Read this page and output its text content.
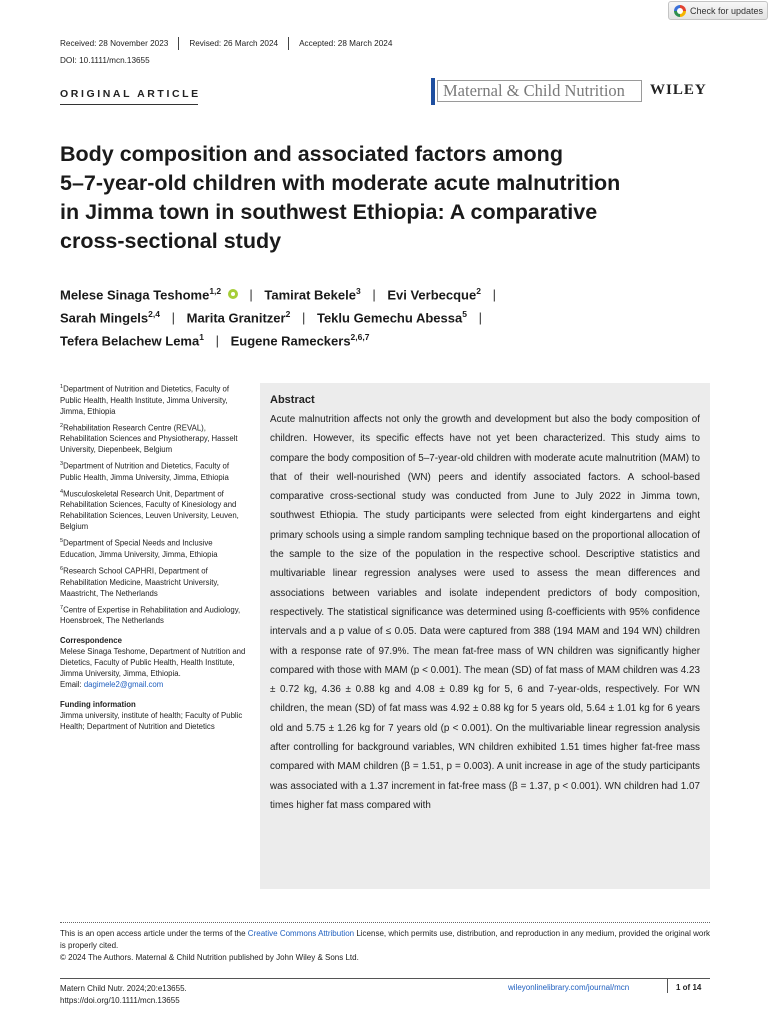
Check for updates
Received: 28 November 2023	Revised: 26 March 2024	Accepted: 28 March 2024
DOI: 10.1111/mcn.13655
ORIGINAL ARTICLE	Maternal & Child Nutrition	WILEY
Body composition and associated factors among
5–7-year-old children with moderate acute malnutrition
in Jimma town in southwest Ethiopia: A comparative
cross-sectional study
Melese Sinaga Teshome$^{1,2}$ | Tamirat Bekele$^3$ | Evi Verbecque$^2$ |
Sarah Mingels$^{2,4}$ | Marita Granitzer$^2$ | Teklu Gemechu Abessa$^5$ |
Tefera Belachew Lema$^1$ | Eugene Rameckers$^{2,6,7}$
$^1$Department of Nutrition and Dietetics, Faculty of Public Health, Health Institute, Jimma University, Jimma, Ethiopia
$^2$Rehabilitation Research Centre (REVAL), Rehabilitation Sciences and Physiotherapy, Hasselt University, Diepenbeek, Belgium
$^3$Department of Nutrition and Dietetics, Faculty of Public Health, Jimma University, Jimma, Ethiopia
$^4$Musculoskeletal Research Unit, Department of Rehabilitation Sciences, Faculty of Kinesiology and Rehabilitation Sciences, Leuven University, Leuven, Belgium
$^5$Department of Special Needs and Inclusive Education, Jimma University, Jimma, Ethiopia
$^6$Research School CAPHRI, Department of Rehabilitation Medicine, Maastricht University, Maastricht, The Netherlands
$^7$Centre of Expertise in Rehabilitation and Audiology, Hoensbroek, The Netherlands
Correspondence
Melese Sinaga Teshome, Department of Nutrition and Dietetics, Faculty of Public Health, Health Institute, Jimma University, Jimma, Ethiopia.
Email: dagimele2@gmail.com
Funding information
Jimma university, institute of health; Faculty of Public Health; Department of Nutrition and Dietetics
Abstract

Acute malnutrition affects not only the growth and development but also the body composition of children. However, its specific effects have not yet been characterized. This study aims to compare the body composition of 5–7-year-old children with moderate acute malnutrition (MAM) to that of their well-nourished (WN) peers and identify associated factors. A school-based comparative cross-sectional study was conducted from June to July 2022 in Jimma town, southwest Ethiopia. The study participants were selected from eight kindergartens and eight primary schools using a simple random sampling technique based on the proportional allocation of the sample to the size of the population in the respective school. Descriptive statistics and multivariable linear regression analyses were used to assess the mean differences and associations between variables and isolate independent predictors of body composition, respectively. The statistical significance was determined using ß-coefficients with 95% confidence intervals and a p value of ≤ 0.05. Data were captured from 388 (194 MAM and 194 WN) children with a response rate of 97.9%. The mean fat-free mass of WN children was significantly higher compared with those with MAM (p < 0.001). The mean (SD) of fat mass of MAM children was 4.23 ± 0.72 kg, 4.36 ± 0.88 kg and 4.08 ± 0.89 kg for 5, 6 and 7-year-olds, respectively. For WN children, the mean (SD) of fat mass was 4.92 ± 0.88 kg for 5 years old, 5.64 ± 1.01 kg for 6 years old and 5.75 ± 1.26 kg for 7 years old (p < 0.001). On the multivariable linear regression analysis after controlling for background variables, WN children exhibited 1.51 times higher fat-free mass compared with MAM children (β = 1.51, p = 0.003). A unit increase in age of the study participants was associated with a 1.37 increment in fat-free mass (β = 1.37, p < 0.001). WN children had 1.07 times higher fat mass compared with

This is an open access article under the terms of the Creative Commons Attribution License, which permits use, distribution, and reproduction in any medium, provided the original work is properly cited.
© 2024 The Authors. Maternal & Child Nutrition published by John Wiley & Sons Ltd.
Matern Child Nutr. 2024;20:e13655.
https://doi.org/10.1111/mcn.13655
wileyonlinelibrary.com/journal/mcn	1 of 14
